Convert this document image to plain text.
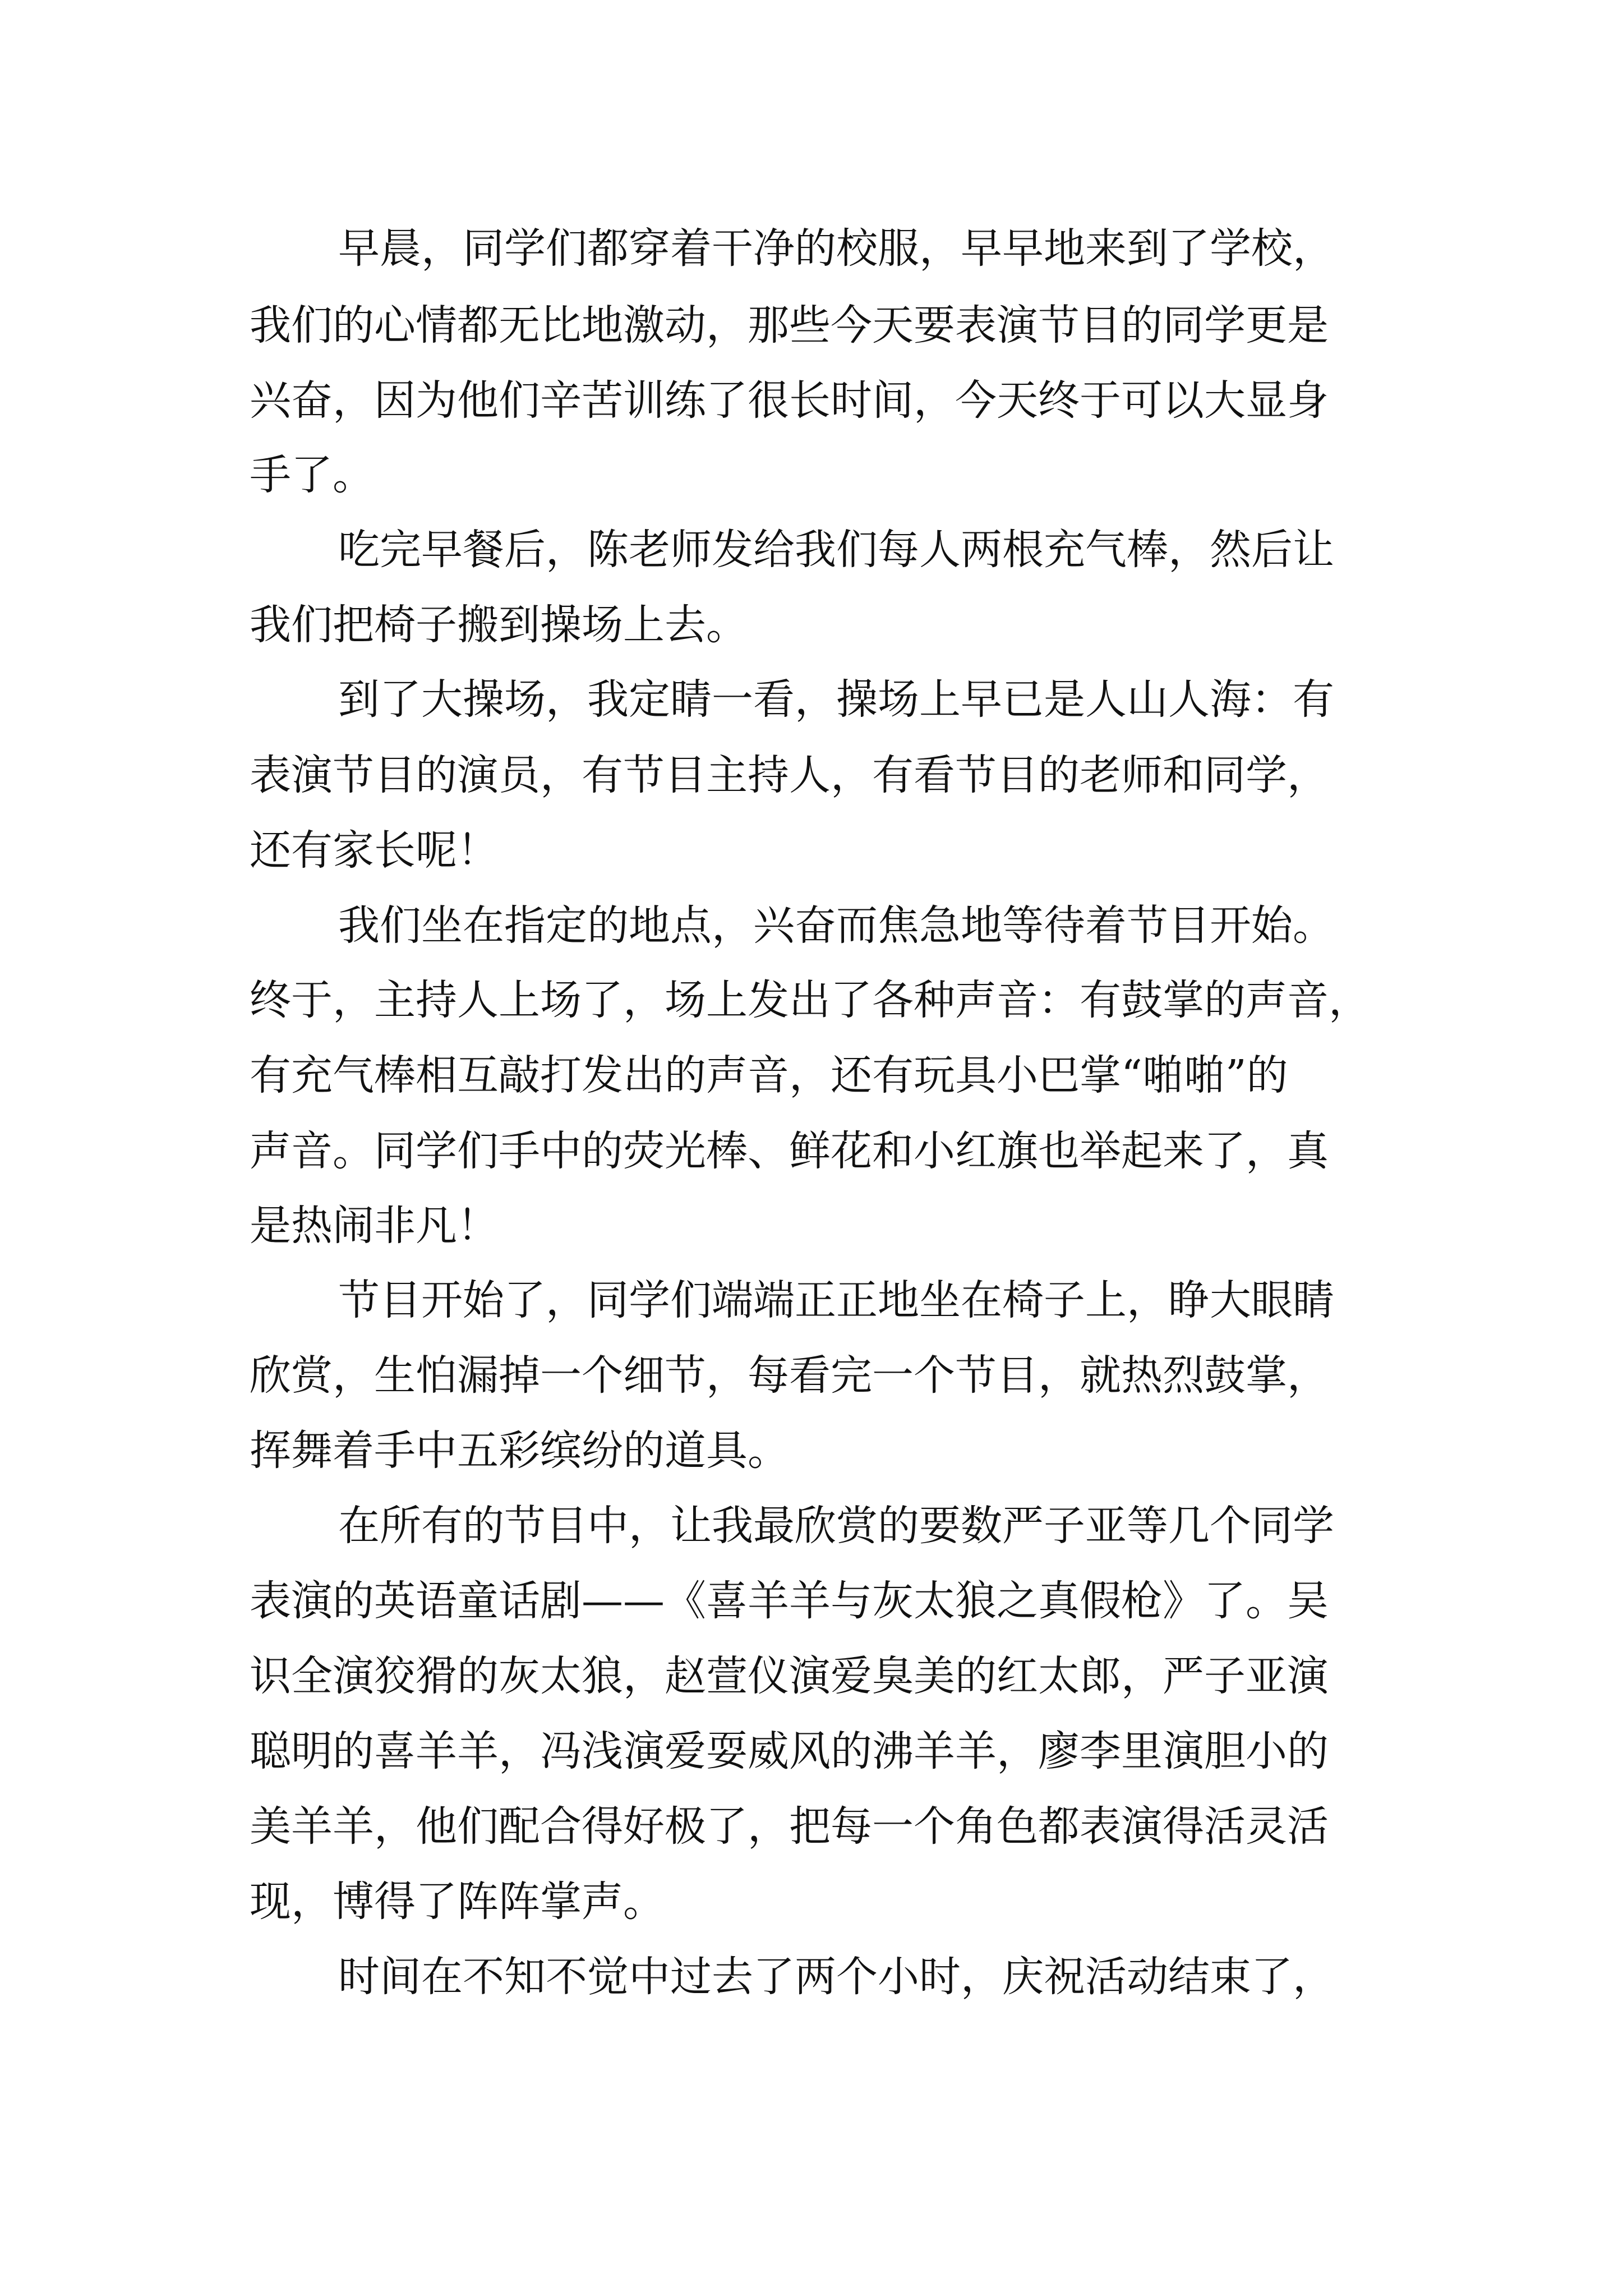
早晨，同学们都穿着干净的校服，早早地来到了学校，

我们的心情都无比地激动，那些今天要表演节目的同学更是

兴奋，因为他们辛苦训练了很长时间，今天终于可以大显身

手了。

吃完早餐后，陈老师发给我们每人两根充气棒，然后让

我们把椅子搬到操场上去。

到了大操场，我定睛一看，操场上早已是人山人海：有

表演节目的演员，有节目主持人，有看节目的老师和同学，

还有家长呢！

我们坐在指定的地点，兴奋而焦急地等待着节目开始。

终于，主持人上场了，场上发出了各种声音：有鼓掌的声音，

有充气棒相互敲打发出的声音，还有玩具小巴掌“啪啪”的

声音。同学们手中的荧光棒、鲜花和小红旗也举起来了，真

是热闹非凡！

节目开始了，同学们端端正正地坐在椅子上，睁大眼睛

欣赏，生怕漏掉一个细节，每看完一个节目，就热烈鼓掌，

挥舞着手中五彩缤纷的道具。

在所有的节目中，让我最欣赏的要数严子亚等几个同学

表演的英语童话剧——《喜羊羊与灰太狼之真假枪》了。吴

识全演狡猾的灰太狼，赵萱仪演爱臭美的红太郎，严子亚演

聪明的喜羊羊，冯浅演爱耍威风的沸羊羊，廖李里演胆小的

美羊羊，他们配合得好极了，把每一个角色都表演得活灵活

现，博得了阵阵掌声。

时间在不知不觉中过去了两个小时，庆祝活动结束了，
